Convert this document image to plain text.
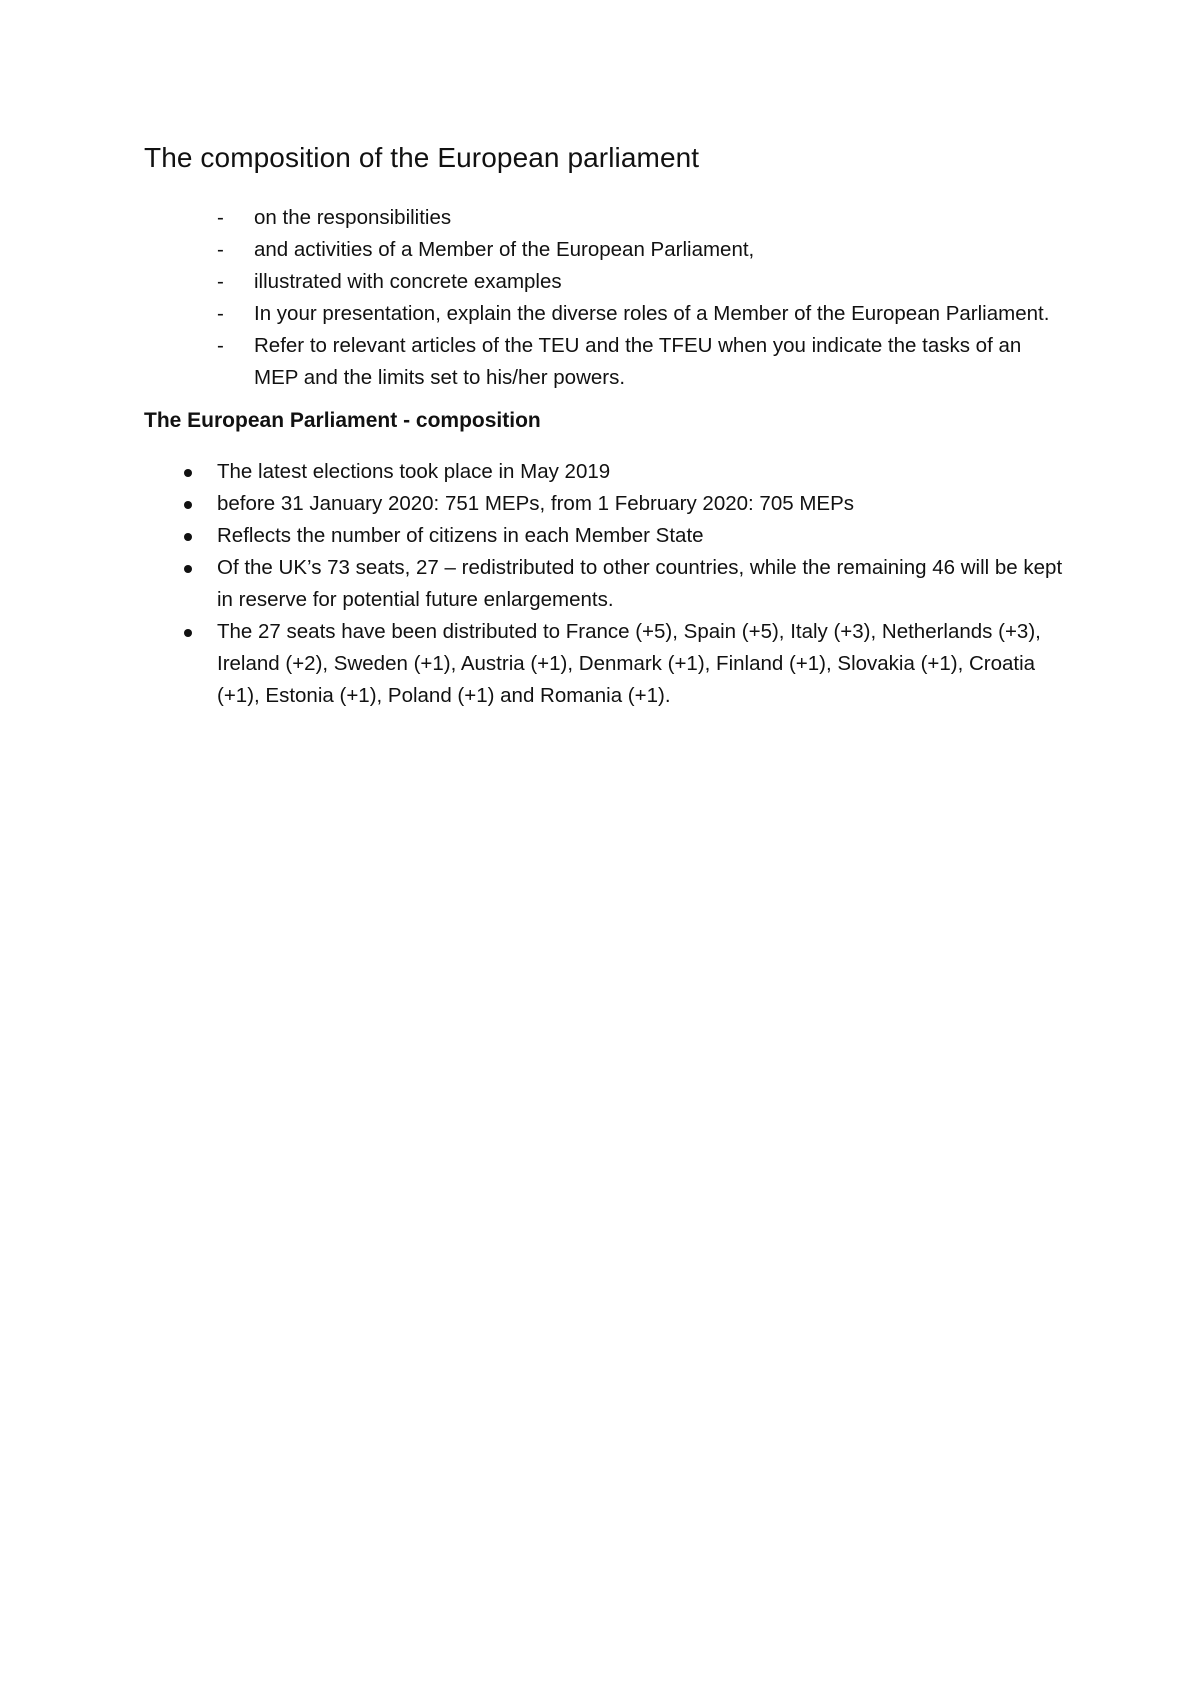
The composition of the European parliament
- on the responsibilities
- and activities of a Member of the European Parliament,
- illustrated with concrete examples
- In your presentation, explain the diverse roles of a Member of the European Parliament.
- Refer to relevant articles of the TEU and the TFEU when you indicate the tasks of an MEP and the limits set to his/her powers.
The European Parliament - composition
The latest elections took place in May 2019
before 31 January 2020: 751 MEPs, from 1 February 2020: 705 MEPs
Reflects the number of citizens in each Member State
Of the UK’s 73 seats, 27 – redistributed to other countries, while the remaining 46 will be kept in reserve for potential future enlargements.
The 27 seats have been distributed to France (+5), Spain (+5), Italy (+3), Netherlands (+3), Ireland (+2), Sweden (+1), Austria (+1), Denmark (+1), Finland (+1), Slovakia (+1), Croatia (+1), Estonia (+1), Poland (+1) and Romania (+1).
